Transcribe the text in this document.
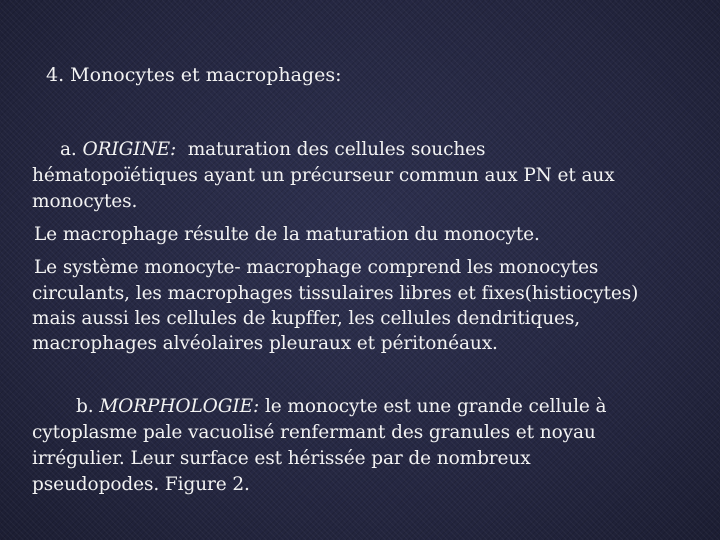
4. Monocytes et macrophages:
a. ORIGINE: maturation des cellules souches
hématopoïétiques ayant un précurseur commun aux PN et aux
monocytes.
Le macrophage résulte de la maturation du monocyte.
Le système monocyte- macrophage comprend les monocytes
circulants, les macrophages tissulaires libres et fixes(histiocytes)
mais aussi les cellules de kupffer, les cellules dendritiques,
macrophages alvéolaires pleuraux et péritonéaux.
b. MORPHOLOGIE: le monocyte est une grande cellule à
cytoplasme pale vacuolisé renfermant des granules et noyau
irrégulier. Leur surface est hérissée par de nombreux
pseudopodes. Figure 2.
